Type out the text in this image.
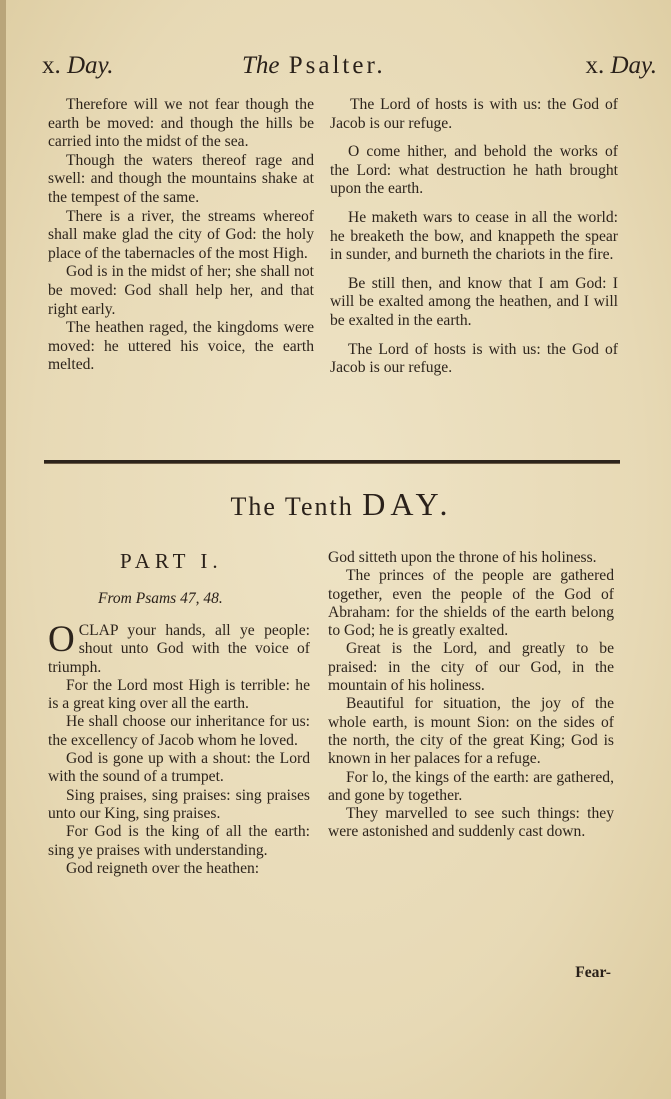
x. Day.	The Psalter.	x. Day.

Therefore will we not fear though the earth be moved: and though the hills be carried into the midst of the sea.

Though the waters thereof rage and swell: and though the mountains shake at the tempest of the same.

There is a river, the streams whereof shall make glad the city of God: the holy place of the tabernacles of the most High.

God is in the midst of her; she shall not be moved: God shall help her, and that right early.

The heathen raged, the kingdoms were moved: he uttered his voice, the earth melted.

The Lord of hosts is with us: the God of Jacob is our refuge.

O come hither, and behold the works of the Lord: what destruction he hath brought upon the earth.

He maketh wars to cease in all the world: he breaketh the bow, and knappeth the spear in sunder, and burneth the chariots in the fire.

Be still then, and know that I am God: I will be exalted among the heathen, and I will be exalted in the earth.

The Lord of hosts is with us: the God of Jacob is our refuge.

The Tenth DAY.
PART I.
From Psams 47, 48.

O CLAP your hands, all ye people: shout unto God with the voice of triumph.

For the Lord most High is terrible: he is a great king over all the earth.

He shall choose our inheritance for us: the excellency of Jacob whom he loved.

God is gone up with a shout: the Lord with the sound of a trumpet.

Sing praises, sing praises: sing praises unto our King, sing praises.

For God is the king of all the earth: sing ye praises with understanding.

God reigneth over the heathen:

God sitteth upon the throne of his holiness.

The princes of the people are gathered together, even the people of the God of Abraham: for the shields of the earth belong to God; he is greatly exalted.

Great is the Lord, and greatly to be praised: in the city of our God, in the mountain of his holiness.

Beautiful for situation, the joy of the whole earth, is mount Sion: on the sides of the north, the city of the great King; God is known in her palaces for a refuge.

For lo, the kings of the earth: are gathered, and gone by together.

They marvelled to see such things: they were astonished and suddenly cast down.

Fear-
